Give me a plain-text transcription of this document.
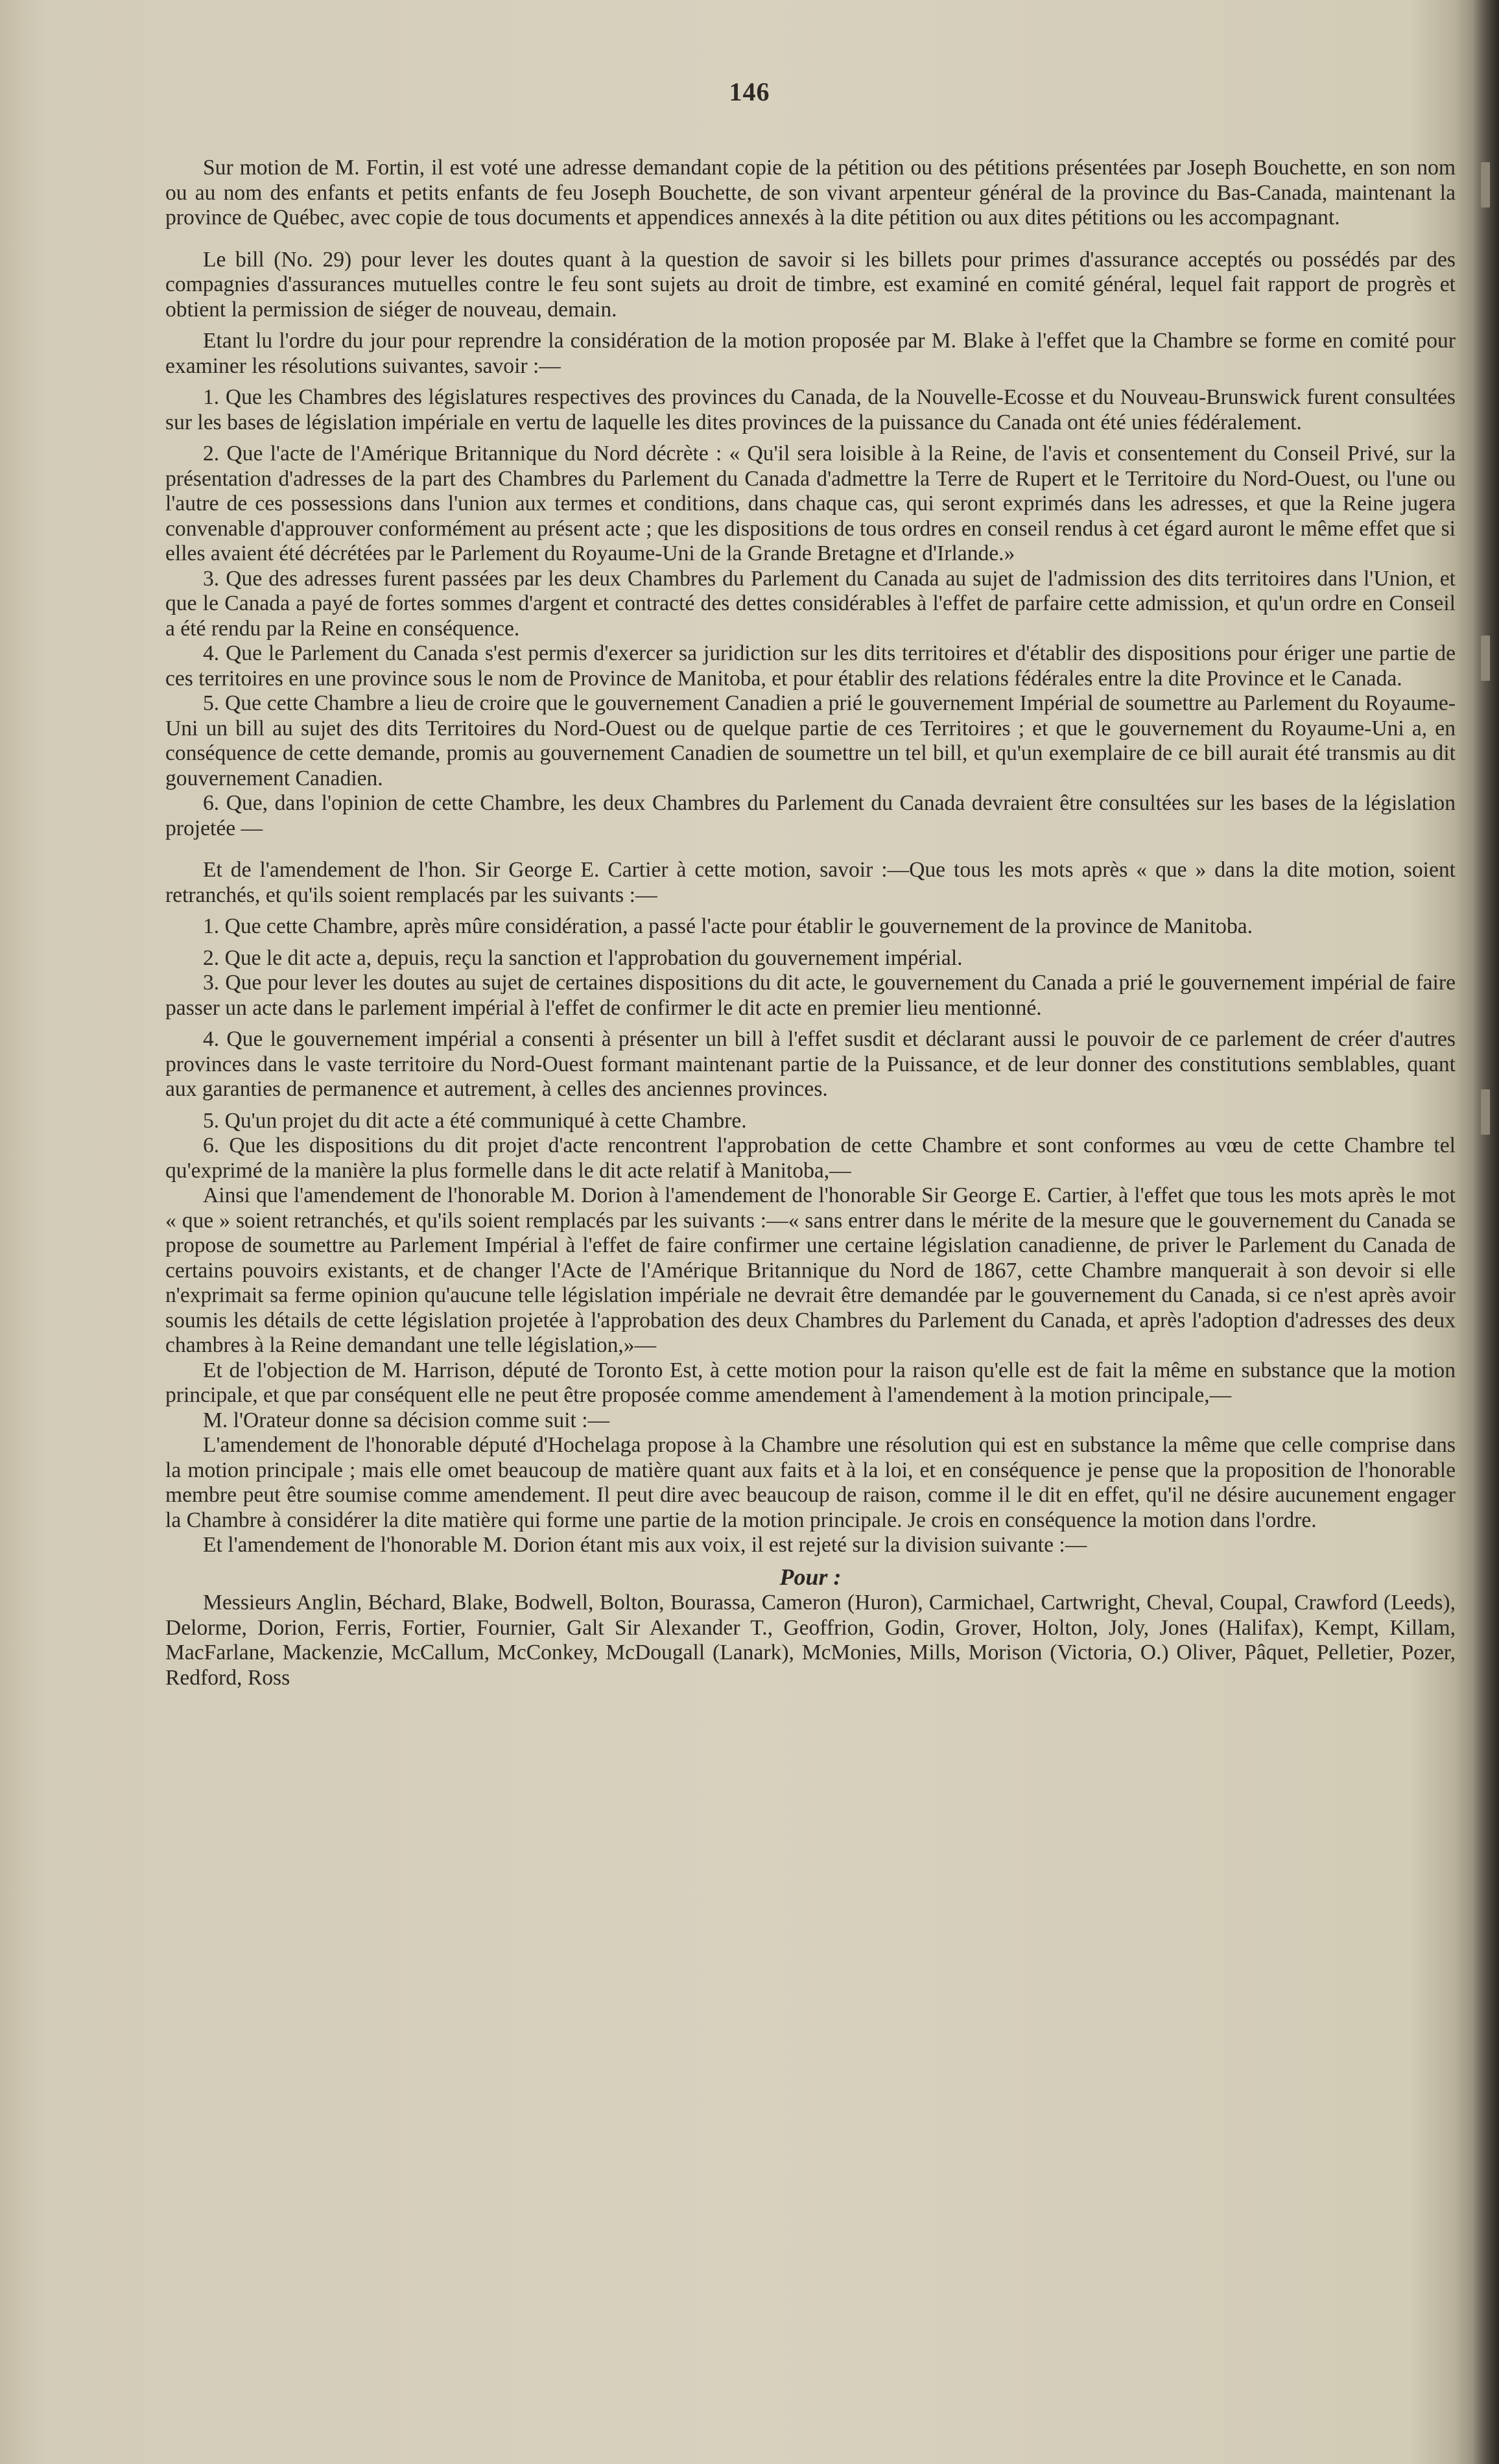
146

Sur motion de M. Fortin, il est voté une adresse demandant copie de la pétition ou des pétitions présentées par Joseph Bouchette, en son nom ou au nom des enfants et petits enfants de feu Joseph Bouchette, de son vivant arpenteur général de la province du Bas-Canada, maintenant la province de Québec, avec copie de tous documents et appendices annexés à la dite pétition ou aux dites pétitions ou les accompagnant.

Le bill (No. 29) pour lever les doutes quant à la question de savoir si les billets pour primes d'assurance acceptés ou possédés par des compagnies d'assurances mutuelles contre le feu sont sujets au droit de timbre, est examiné en comité général, lequel fait rapport de progrès et obtient la permission de siéger de nouveau, demain.

Etant lu l'ordre du jour pour reprendre la considération de la motion proposée par M. Blake à l'effet que la Chambre se forme en comité pour examiner les résolutions suivantes, savoir :—

1. Que les Chambres des législatures respectives des provinces du Canada, de la Nouvelle-Ecosse et du Nouveau-Brunswick furent consultées sur les bases de législation impériale en vertu de laquelle les dites provinces de la puissance du Canada ont été unies fédéralement.

2. Que l'acte de l'Amérique Britannique du Nord décrète : « Qu'il sera loisible à la Reine, de l'avis et consentement du Conseil Privé, sur la présentation d'adresses de la part des Chambres du Parlement du Canada d'admettre la Terre de Rupert et le Territoire du Nord-Ouest, ou l'une ou l'autre de ces possessions dans l'union aux termes et conditions, dans chaque cas, qui seront exprimés dans les adresses, et que la Reine jugera convenable d'approuver conformément au présent acte ; que les dispositions de tous ordres en conseil rendus à cet égard auront le même effet que si elles avaient été décrétées par le Parlement du Royaume-Uni de la Grande Bretagne et d'Irlande.»

3. Que des adresses furent passées par les deux Chambres du Parlement du Canada au sujet de l'admission des dits territoires dans l'Union, et que le Canada a payé de fortes sommes d'argent et contracté des dettes considérables à l'effet de parfaire cette admission, et qu'un ordre en Conseil a été rendu par la Reine en conséquence.

4. Que le Parlement du Canada s'est permis d'exercer sa juridiction sur les dits territoires et d'établir des dispositions pour ériger une partie de ces territoires en une province sous le nom de Province de Manitoba, et pour établir des relations fédérales entre la dite Province et le Canada.

5. Que cette Chambre a lieu de croire que le gouvernement Canadien a prié le gouvernement Impérial de soumettre au Parlement du Royaume-Uni un bill au sujet des dits Territoires du Nord-Ouest ou de quelque partie de ces Territoires ; et que le gouvernement du Royaume-Uni a, en conséquence de cette demande, promis au gouvernement Canadien de soumettre un tel bill, et qu'un exemplaire de ce bill aurait été transmis au dit gouvernement Canadien.

6. Que, dans l'opinion de cette Chambre, les deux Chambres du Parlement du Canada devraient être consultées sur les bases de la législation projetée —

Et de l'amendement de l'hon. Sir George E. Cartier à cette motion, savoir :—Que tous les mots après « que » dans la dite motion, soient retranchés, et qu'ils soient remplacés par les suivants :—

1. Que cette Chambre, après mûre considération, a passé l'acte pour établir le gouvernement de la province de Manitoba.

2. Que le dit acte a, depuis, reçu la sanction et l'approbation du gouvernement impérial.

3. Que pour lever les doutes au sujet de certaines dispositions du dit acte, le gouvernement du Canada a prié le gouvernement impérial de faire passer un acte dans le parlement impérial à l'effet de confirmer le dit acte en premier lieu mentionné.

4. Que le gouvernement impérial a consenti à présenter un bill à l'effet susdit et déclarant aussi le pouvoir de ce parlement de créer d'autres provinces dans le vaste territoire du Nord-Ouest formant maintenant partie de la Puissance, et de leur donner des constitutions semblables, quant aux garanties de permanence et autrement, à celles des anciennes provinces.

5. Qu'un projet du dit acte a été communiqué à cette Chambre.

6. Que les dispositions du dit projet d'acte rencontrent l'approbation de cette Chambre et sont conformes au vœu de cette Chambre tel qu'exprimé de la manière la plus formelle dans le dit acte relatif à Manitoba,—

Ainsi que l'amendement de l'honorable M. Dorion à l'amendement de l'honorable Sir George E. Cartier, à l'effet que tous les mots après le mot « que » soient retranchés, et qu'ils soient remplacés par les suivants :—« sans entrer dans le mérite de la mesure que le gouvernement du Canada se propose de soumettre au Parlement Impérial à l'effet de faire confirmer une certaine législation canadienne, de priver le Parlement du Canada de certains pouvoirs existants, et de changer l'Acte de l'Amérique Britannique du Nord de 1867, cette Chambre manquerait à son devoir si elle n'exprimait sa ferme opinion qu'aucune telle législation impériale ne devrait être demandée par le gouvernement du Canada, si ce n'est après avoir soumis les détails de cette législation projetée à l'approbation des deux Chambres du Parlement du Canada, et après l'adoption d'adresses des deux chambres à la Reine demandant une telle législation,»—

Et de l'objection de M. Harrison, député de Toronto Est, à cette motion pour la raison qu'elle est de fait la même en substance que la motion principale, et que par conséquent elle ne peut être proposée comme amendement à l'amendement à la motion principale,—

M. l'Orateur donne sa décision comme suit :—

L'amendement de l'honorable député d'Hochelaga propose à la Chambre une résolution qui est en substance la même que celle comprise dans la motion principale ; mais elle omet beaucoup de matière quant aux faits et à la loi, et en conséquence je pense que la proposition de l'honorable membre peut être soumise comme amendement. Il peut dire avec beaucoup de raison, comme il le dit en effet, qu'il ne désire aucunement engager la Chambre à considérer la dite matière qui forme une partie de la motion principale. Je crois en conséquence la motion dans l'ordre.

Et l'amendement de l'honorable M. Dorion étant mis aux voix, il est rejeté sur la division suivante :—

Pour :

Messieurs Anglin, Béchard, Blake, Bodwell, Bolton, Bourassa, Cameron (Huron), Carmichael, Cartwright, Cheval, Coupal, Crawford (Leeds), Delorme, Dorion, Ferris, Fortier, Fournier, Galt Sir Alexander T., Geoffrion, Godin, Grover, Holton, Joly, Jones (Halifax), Kempt, Killam, MacFarlane, Mackenzie, McCallum, McConkey, McDougall (Lanark), McMonies, Mills, Morison (Victoria, O.) Oliver, Pâquet, Pelletier, Pozer, Redford, Ross
